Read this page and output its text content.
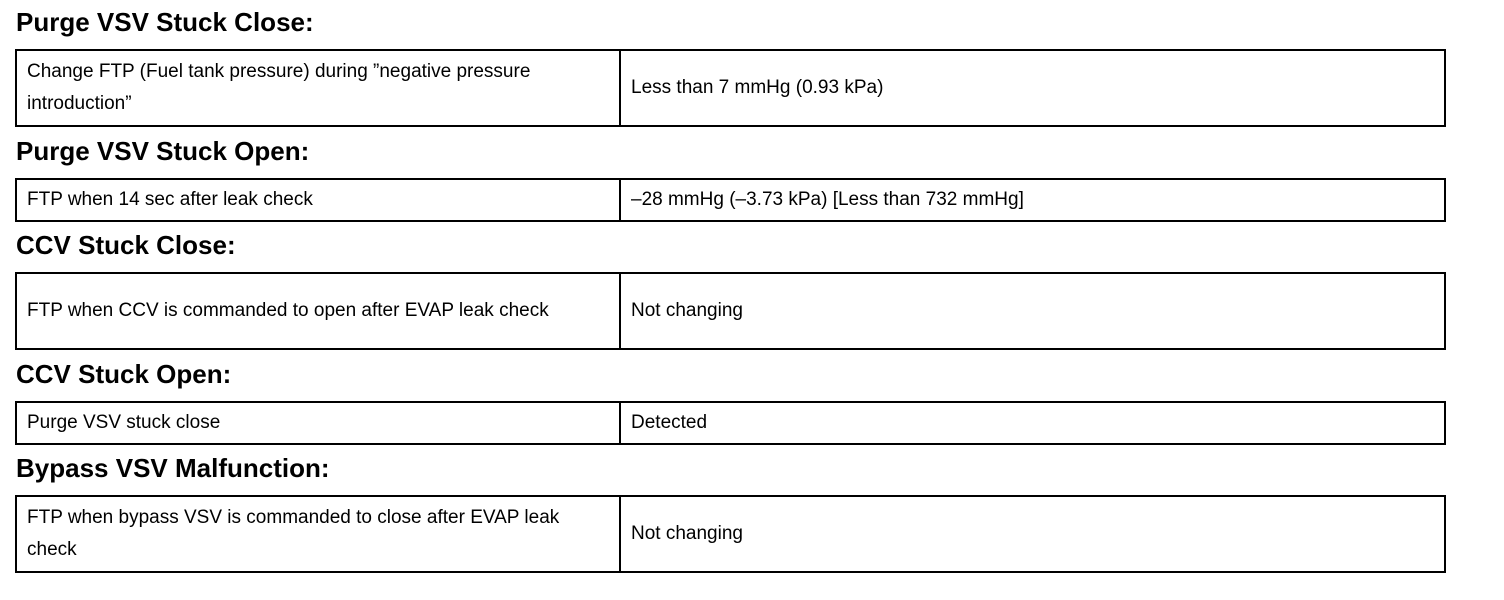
Purge VSV Stuck Close:
Change FTP (Fuel tank pressure) during ”negative pressure introduction”	Less than 7 mmHg (0.93 kPa)
Purge VSV Stuck Open:
FTP when 14 sec after leak check	–28 mmHg (–3.73 kPa) [Less than 732 mmHg]
CCV Stuck Close:
FTP when CCV is commanded to open after EVAP leak check	Not changing
CCV Stuck Open:
Purge VSV stuck close	Detected
Bypass VSV Malfunction:
FTP when bypass VSV is commanded to close after EVAP leak check	Not changing
